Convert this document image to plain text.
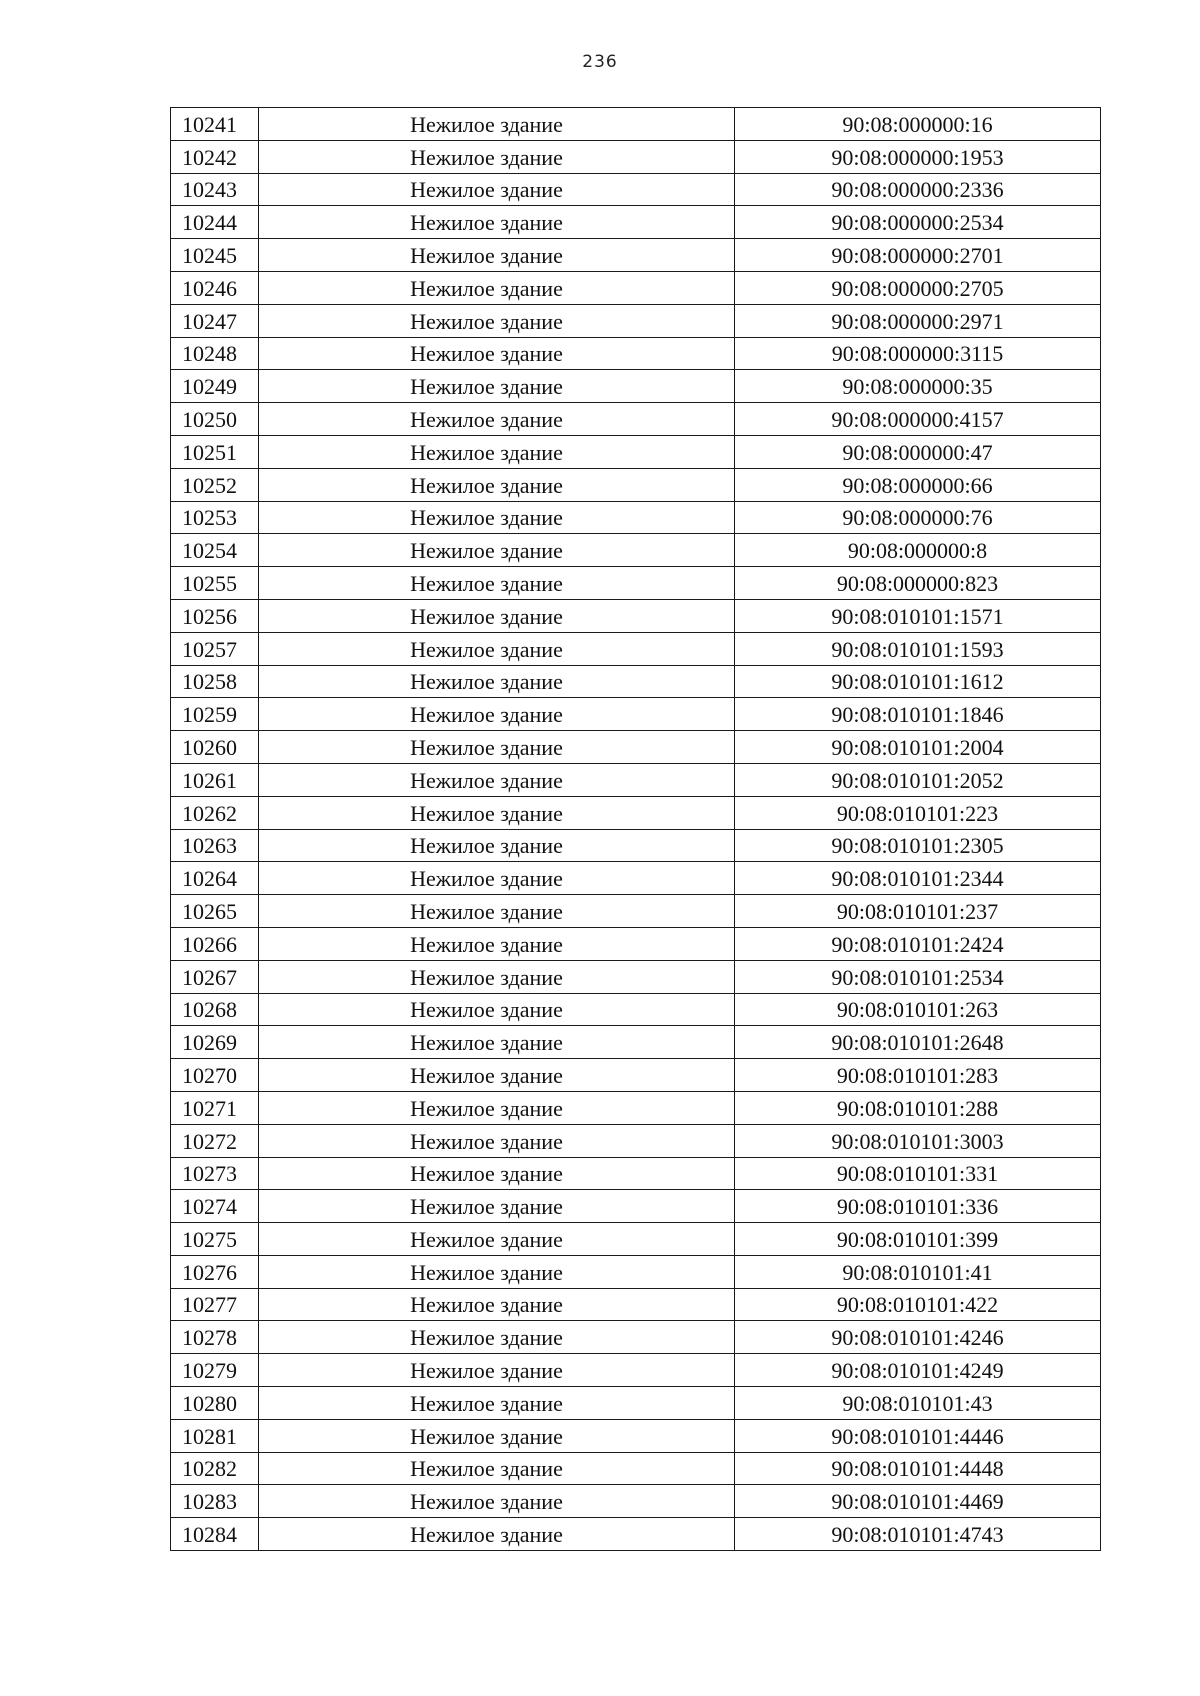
236
10241	Нежилое здание	90:08:000000:16
10242	Нежилое здание	90:08:000000:1953
10243	Нежилое здание	90:08:000000:2336
10244	Нежилое здание	90:08:000000:2534
10245	Нежилое здание	90:08:000000:2701
10246	Нежилое здание	90:08:000000:2705
10247	Нежилое здание	90:08:000000:2971
10248	Нежилое здание	90:08:000000:3115
10249	Нежилое здание	90:08:000000:35
10250	Нежилое здание	90:08:000000:4157
10251	Нежилое здание	90:08:000000:47
10252	Нежилое здание	90:08:000000:66
10253	Нежилое здание	90:08:000000:76
10254	Нежилое здание	90:08:000000:8
10255	Нежилое здание	90:08:000000:823
10256	Нежилое здание	90:08:010101:1571
10257	Нежилое здание	90:08:010101:1593
10258	Нежилое здание	90:08:010101:1612
10259	Нежилое здание	90:08:010101:1846
10260	Нежилое здание	90:08:010101:2004
10261	Нежилое здание	90:08:010101:2052
10262	Нежилое здание	90:08:010101:223
10263	Нежилое здание	90:08:010101:2305
10264	Нежилое здание	90:08:010101:2344
10265	Нежилое здание	90:08:010101:237
10266	Нежилое здание	90:08:010101:2424
10267	Нежилое здание	90:08:010101:2534
10268	Нежилое здание	90:08:010101:263
10269	Нежилое здание	90:08:010101:2648
10270	Нежилое здание	90:08:010101:283
10271	Нежилое здание	90:08:010101:288
10272	Нежилое здание	90:08:010101:3003
10273	Нежилое здание	90:08:010101:331
10274	Нежилое здание	90:08:010101:336
10275	Нежилое здание	90:08:010101:399
10276	Нежилое здание	90:08:010101:41
10277	Нежилое здание	90:08:010101:422
10278	Нежилое здание	90:08:010101:4246
10279	Нежилое здание	90:08:010101:4249
10280	Нежилое здание	90:08:010101:43
10281	Нежилое здание	90:08:010101:4446
10282	Нежилое здание	90:08:010101:4448
10283	Нежилое здание	90:08:010101:4469
10284	Нежилое здание	90:08:010101:4743
